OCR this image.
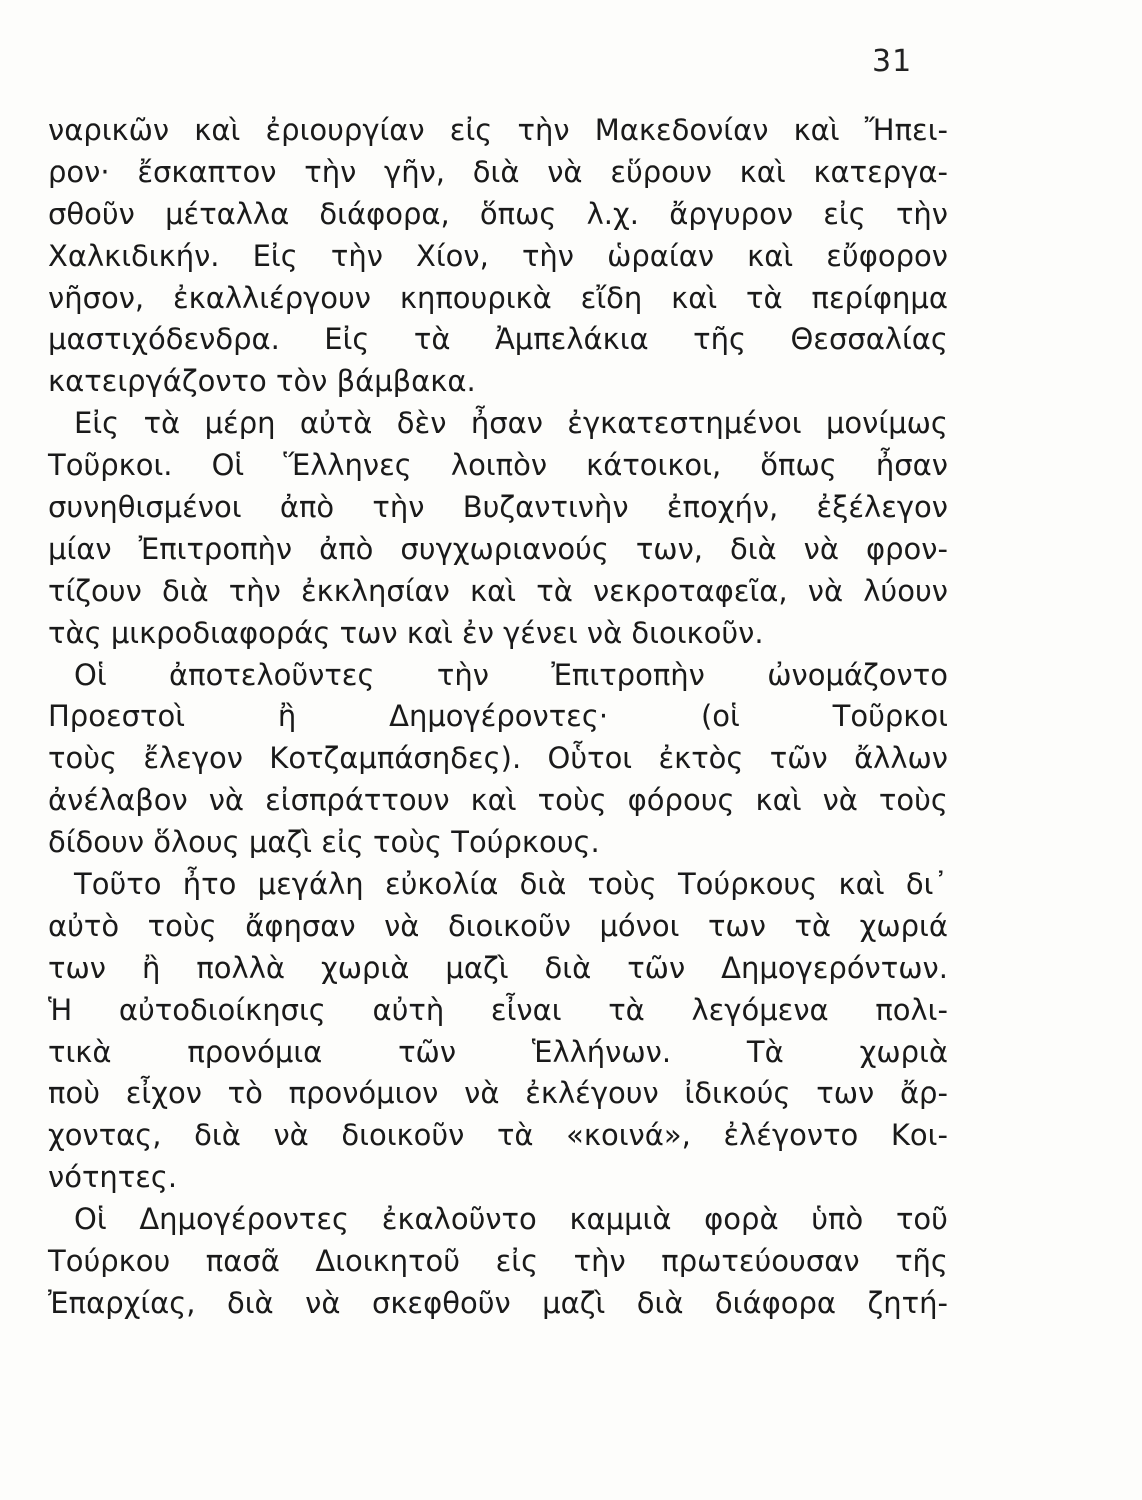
31
ναρικῶν καὶ ἐριουργίαν εἰς τὴν Μακεδονίαν καὶ Ἤπει-
ρον· ἔσκαπτον τὴν γῆν, διὰ νὰ εὕρουν καὶ κατεργα-
σθοῦν μέταλλα διάφορα, ὅπως λ.χ. ἄργυρον εἰς τὴν
Χαλκιδικήν. Εἰς τὴν Χίον, τὴν ὡραίαν καὶ εὔφορον
νῆσον, ἐκαλλιέργουν κηπουρικὰ εἴδη καὶ τὰ περίφημα
μαστιχόδενδρα. Εἰς τὰ Ἀμπελάκια τῆς Θεσσαλίας
κατειργάζοντο τὸν βάμβακα.
Εἰς τὰ μέρη αὐτὰ δὲν ἦσαν ἐγκατεστημένοι μονίμως
Τοῦρκοι. Οἱ Ἕλληνες λοιπὸν κάτοικοι, ὅπως ἦσαν
συνηθισμένοι ἀπὸ τὴν Βυζαντινὴν ἐποχήν, ἐξέλεγον
μίαν Ἐπιτροπὴν ἀπὸ συγχωριανούς των, διὰ νὰ φρον-
τίζουν διὰ τὴν ἐκκλησίαν καὶ τὰ νεκροταφεῖα, νὰ λύουν
τὰς μικροδιαφοράς των καὶ ἐν γένει νὰ διοικοῦν.
Οἱ ἀποτελοῦντες τὴν Ἐπιτροπὴν ὠνομάζοντο
Προεστοὶ	ἢ	Δημογέροντες·	(οἱ	Τοῦρκοι
τοὺς ἔλεγον Κοτζαμπάσηδες). Οὗτοι ἐκτὸς τῶν ἄλλων
ἀνέλαβον νὰ εἰσπράττουν καὶ τοὺς φόρους καὶ νὰ τοὺς
δίδουν ὅλους μαζὶ εἰς τοὺς Τούρκους.
Τοῦτο ἦτο μεγάλη εὐκολία διὰ τοὺς Τούρκους καὶ δι᾿
αὐτὸ τοὺς ἄφησαν νὰ διοικοῦν μόνοι των τὰ χωριά
των ἢ πολλὰ χωριὰ μαζὶ διὰ τῶν Δημογερόντων.
Ἡ αὐτοδιοίκησις αὐτὴ εἶναι τὰ λεγόμενα πολι-
τικὰ	προνόμια	τῶν	Ἑλλήνων.	Τὰ	χωριὰ
ποὺ εἶχον τὸ προνόμιον νὰ ἐκλέγουν ἰδικούς των ἄρ-
χοντας, διὰ νὰ διοικοῦν τὰ «κοινά», ἐλέγοντο Κοι-
νότητες.
Οἱ Δημογέροντες ἐκαλοῦντο καμμιὰ φορὰ ὑπὸ τοῦ
Τούρκου πασᾶ Διοικητοῦ εἰς τὴν πρωτεύουσαν τῆς
Ἐπαρχίας, διὰ νὰ σκεφθοῦν μαζὶ διὰ διάφορα ζητή-
